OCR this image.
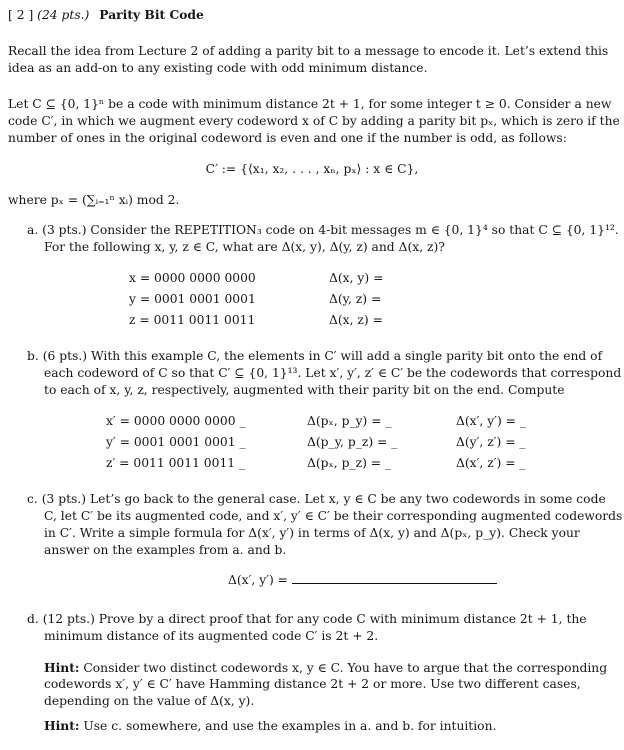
[ 2 ] (24 pts.) Parity Bit Code
Recall the idea from Lecture 2 of adding a parity bit to a message to encode it. Let’s extend this
idea as an add-on to any existing code with odd minimum distance.
Let C ⊆ {0, 1}ⁿ be a code with minimum distance 2t + 1, for some integer t ≥ 0. Consider a new
code C′, in which we augment every codeword x of C by adding a parity bit pₓ, which is zero if the
number of ones in the original codeword is even and one if the number is odd, as follows:
C′ := {⟨x₁, x₂, . . . , xₙ, pₓ⟩ : x ∈ C},
where pₓ = (∑ᵢ₌₁ⁿ xᵢ) mod 2.
a. (3 pts.) Consider the REPETITION₃ code on 4-bit messages m ∈ {0, 1}⁴ so that C ⊆ {0, 1}¹².
For the following x, y, z ∈ C, what are Δ(x, y), Δ(y, z) and Δ(x, z)?
x = 0000 0000 0000
y = 0001 0001 0001
z = 0011 0011 0011
Δ(x, y) =
Δ(y, z) =
Δ(x, z) =
b. (6 pts.) With this example C, the elements in C′ will add a single parity bit onto the end of
each codeword of C so that C′ ⊆ {0, 1}¹³. Let x′, y′, z′ ∈ C′ be the codewords that correspond
to each of x, y, z, respectively, augmented with their parity bit on the end. Compute
x′ = 0000 0000 0000 _
y′ = 0001 0001 0001 _
z′ = 0011 0011 0011 _
Δ(pₓ, p_y) = _
Δ(p_y, p_z) = _
Δ(pₓ, p_z) = _
Δ(x′, y′) = _
Δ(y′, z′) = _
Δ(x′, z′) = _
c. (3 pts.) Let’s go back to the general case. Let x, y ∈ C be any two codewords in some code
C, let C′ be its augmented code, and x′, y′ ∈ C′ be their corresponding augmented codewords
in C′. Write a simple formula for Δ(x′, y′) in terms of Δ(x, y) and Δ(pₓ, p_y). Check your
answer on the examples from a. and b.
Δ(x′, y′) =
d. (12 pts.) Prove by a direct proof that for any code C with minimum distance 2t + 1, the
minimum distance of its augmented code C′ is 2t + 2.
Hint: Consider two distinct codewords x, y ∈ C. You have to argue that the corresponding
codewords x′, y′ ∈ C′ have Hamming distance 2t + 2 or more. Use two different cases,
depending on the value of Δ(x, y).
Hint: Use c. somewhere, and use the examples in a. and b. for intuition.
